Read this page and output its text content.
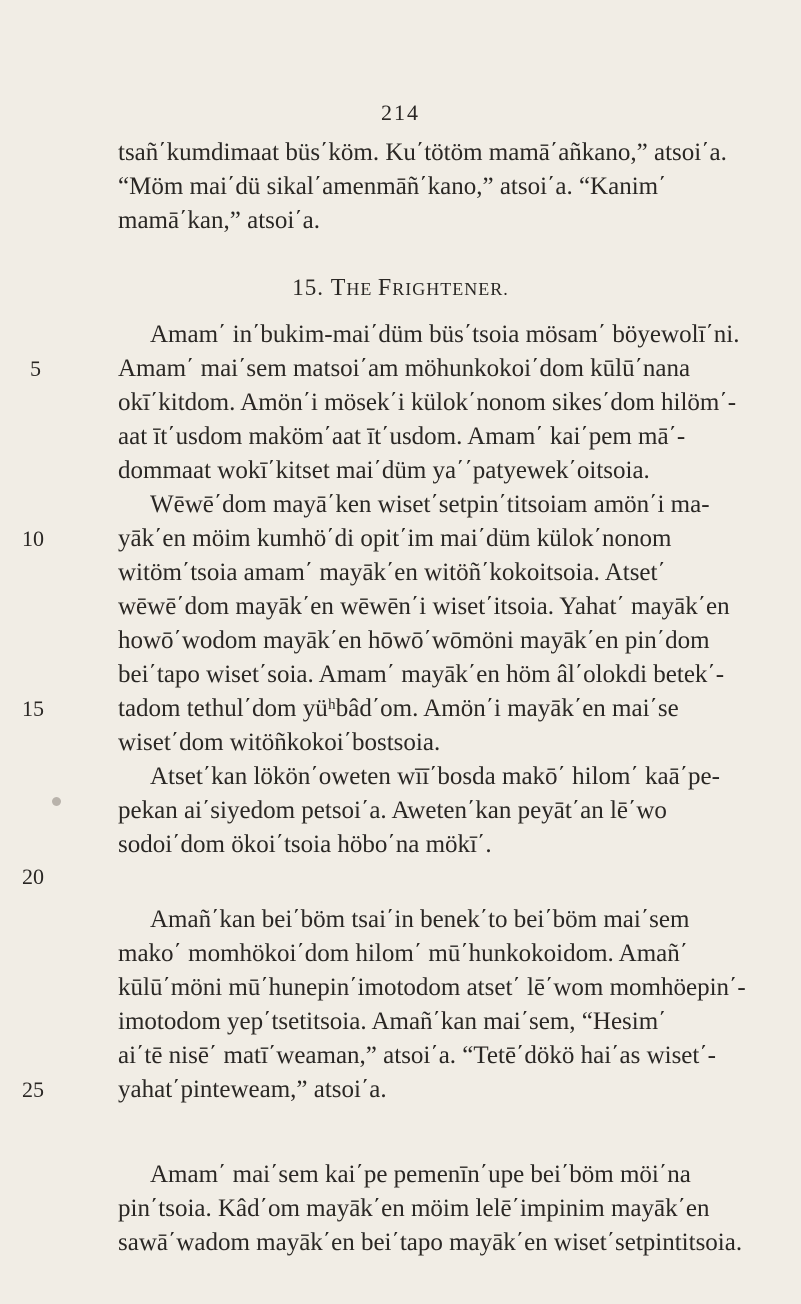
214
tsañ΄kumdimaat büs΄köm. Ku΄tötöm mamā΄añkano,” atsoi΄a.
“Möm mai΄dü sikal΄amenmāñ΄kano,” atsoi΄a. “Kanim΄
mamā΄kan,” atsoi΄a.
15. THE FRIGHTENER.
Amam΄ in΄bukim-mai΄düm büs΄tsoia mösam΄ böyewolī΄ni.
Amam΄ mai΄sem matsoi΄am möhunkokoi΄dom kūlū΄nana
okī΄kitdom. Amön΄i mösek΄i külok΄nonom sikes΄dom hilöm΄-
aat īt΄usdom maköm΄aat īt΄usdom. Amam΄ kai΄pem mā΄-
dommaat wokī΄kitset mai΄düm ya΄΄patyewek΄oitsoia.
Wēwē΄dom mayā΄ken wiset΄setpin΄titsoiam amön΄i ma-
yāk΄en möim kumhö΄di opit΄im mai΄düm külok΄nonom
witöm΄tsoia amam΄ mayāk΄en witöñ΄kokoitsoia. Atset΄
wēwē΄dom mayāk΄en wēwēn΄i wiset΄itsoia. Yahat΄ mayāk΄en
howō΄wodom mayāk΄en hōwō΄wōmöni mayāk΄en pin΄dom
bei΄tapo wiset΄soia. Amam΄ mayāk΄en höm âl΄olokdi betek΄-
tadom tethul΄dom yüʰbâd΄om. Amön΄i mayāk΄en mai΄se
wiset΄dom witöñkokoi΄bostsoia.
Atset΄kan lökön΄oweten wīī΄bosda makō΄ hilom΄ kaā΄pe-
pekan ai΄siyedom petsoi΄a. Aweten΄kan peyāt΄an lē΄wo
sodoi΄dom ökoi΄tsoia höbo΄na mökī΄.
Amañ΄kan bei΄böm tsai΄in benek΄to bei΄böm mai΄sem
mako΄ momhökoi΄dom hilom΄ mū΄hunkokoidom. Amañ΄
kūlū΄möni mū΄hunepin΄imotodom atset΄ lē΄wom momhöepin΄-
imotodom yep΄tsetitsoia. Amañ΄kan mai΄sem, “Hesim΄
ai΄tē nisē΄ matī΄weaman,” atsoi΄a. “Tetē΄dökö hai΄as wiset΄-
yahat΄pinteweam,” atsoi΄a.
Amam΄ mai΄sem kai΄pe pemenīn΄upe bei΄böm möi΄na
pin΄tsoia. Kâd΄om mayāk΄en möim lelē΄impinim mayāk΄en
sawā΄wadom mayāk΄en bei΄tapo mayāk΄en wiset΄setpintitsoia.
5
10
15
20
25
